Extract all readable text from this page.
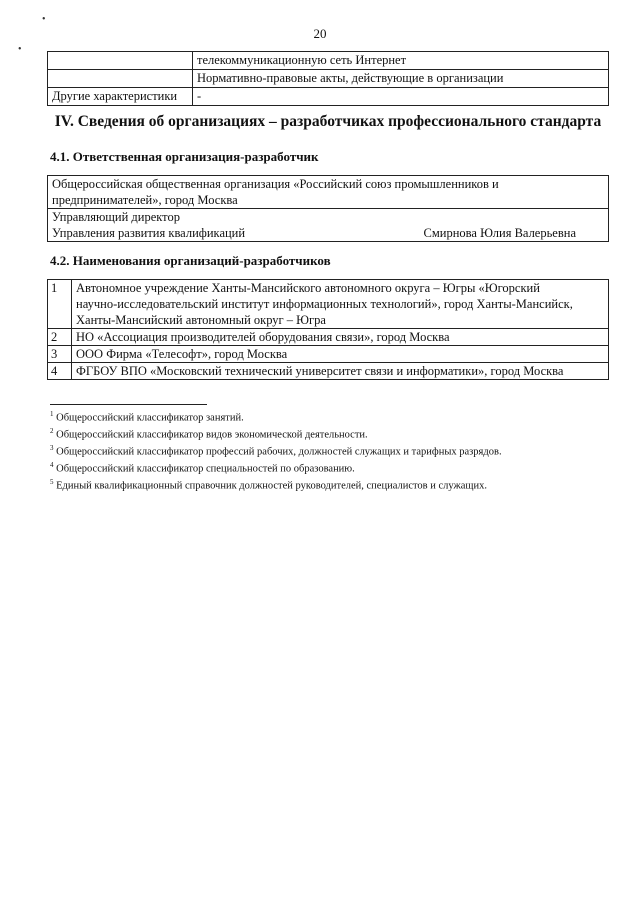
•
•
20
	телекоммуникационную сеть Интернет
	Нормативно-правовые акты, действующие в организации
Другие характеристики	-
IV. Сведения об организациях – разработчиках профессионального стандарта
4.1. Ответственная организация-разработчик
Общероссийская общественная организация «Российский союз промышленников и
предпринимателей», город Москва

Управляющий директор
Управления развития квалификаций	Смирнова Юлия Валерьевна
4.2. Наименования организаций-разработчиков
1	Автономное учреждение Ханты-Мансийского автономного округа – Югры «Югорский
научно-исследовательский институт информационных технологий», город Ханты-Мансийск,
Ханты-Мансийский автономный округ – Югра

2	НО «Ассоциация производителей оборудования связи», город Москва
3	ООО Фирма «Телесофт», город Москва
4	ФГБОУ ВПО «Московский технический университет связи и информатики», город Москва
$^1$ Общероссийский классификатор занятий.
$^2$ Общероссийский классификатор видов экономической деятельности.
$^3$ Общероссийский классификатор профессий рабочих, должностей служащих и тарифных разрядов.
$^4$ Общероссийский классификатор специальностей по образованию.
$^5$ Единый квалификационный справочник должностей руководителей, специалистов и служащих.
